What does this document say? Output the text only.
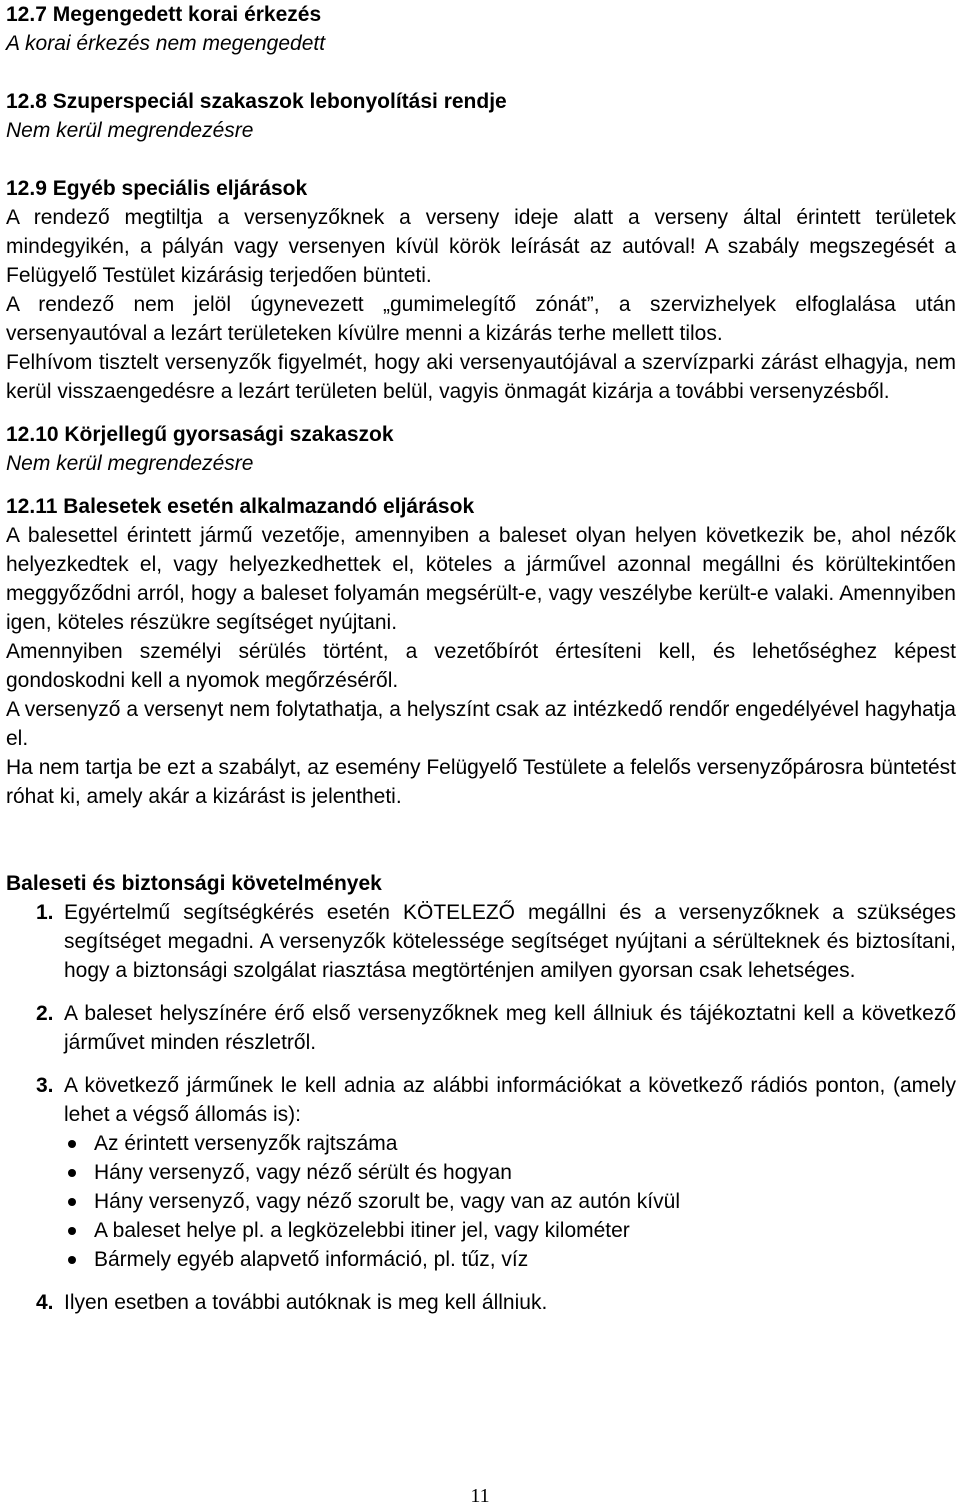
12.7 Megengedett korai érkezés
A korai érkezés nem megengedett
12.8 Szuperspeciál szakaszok lebonyolítási rendje
Nem kerül megrendezésre
12.9 Egyéb speciális eljárások
A rendező megtiltja a versenyzőknek a verseny ideje alatt a verseny által érintett területek mindegyikén, a pályán vagy versenyen kívül körök leírását az autóval! A szabály megszegését a Felügyelő Testület kizárásig terjedően bünteti.
A rendező nem jelöl úgynevezett „gumimelegítő zónát”, a szervizhelyek elfoglalása után versenyautóval a lezárt területeken kívülre menni a kizárás terhe mellett tilos.
Felhívom tisztelt versenyzők figyelmét, hogy aki versenyautójával a szervízparki zárást elhagyja, nem kerül visszaengedésre a lezárt területen belül, vagyis önmagát kizárja a további versenyzésből.
12.10 Körjellegű gyorsasági szakaszok
Nem kerül megrendezésre
12.11 Balesetek esetén alkalmazandó eljárások
A balesettel érintett jármű vezetője, amennyiben a baleset olyan helyen következik be, ahol nézők helyezkedtek el, vagy helyezkedhettek el, köteles a járművel azonnal megállni és körültekintően meggyőződni arról, hogy a baleset folyamán megsérült-e, vagy veszélybe került-e valaki. Amennyiben igen, köteles részükre segítséget nyújtani.
Amennyiben személyi sérülés történt, a vezetőbírót értesíteni kell, és lehetőséghez képest gondoskodni kell a nyomok megőrzéséről.
A versenyző a versenyt nem folytathatja, a helyszínt csak az intézkedő rendőr engedélyével hagyhatja el.
Ha nem tartja be ezt a szabályt, az esemény Felügyelő Testülete a felelős versenyzőpárosra büntetést róhat ki, amely akár a kizárást is jelentheti.
Baleseti és biztonsági követelmények
1. Egyértelmű segítségkérés esetén KÖTELEZŐ megállni és a versenyzőknek a szükséges segítséget megadni. A versenyzők kötelessége segítséget nyújtani a sérülteknek és biztosítani, hogy a biztonsági szolgálat riasztása megtörténjen amilyen gyorsan csak lehetséges.
2. A baleset helyszínére érő első versenyzőknek meg kell állniuk és tájékoztatni kell a következő járművet minden részletről.
3. A következő járműnek le kell adnia az alábbi információkat a következő rádiós ponton, (amely lehet a végső állomás is):
Az érintett versenyzők rajtszáma
Hány versenyző, vagy néző sérült és hogyan
Hány versenyző, vagy néző szorult be, vagy van az autón kívül
A baleset helye pl. a legközelebbi itiner jel, vagy kilométer
Bármely egyéb alapvető információ, pl. tűz, víz
4. Ilyen esetben a további autóknak is meg kell állniuk.
11
